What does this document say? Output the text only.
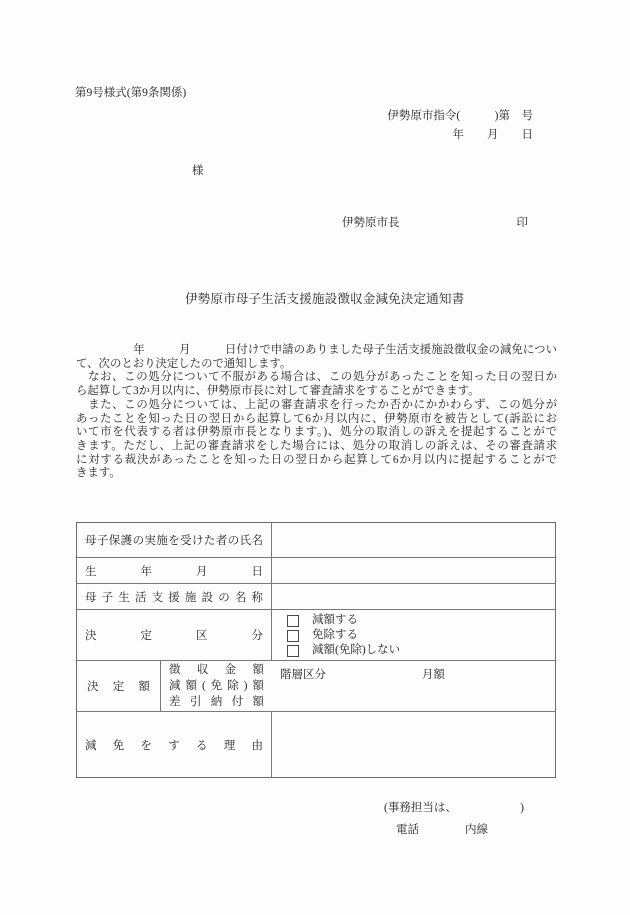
第9号様式(第9条関係)
伊勢原市指令(　　　)第　号
年　　月　　日
様
伊勢原市長	印
伊勢原市母子生活支援施設徴収金減免決定通知書
　　　　　年　　　月　　　日付けで申請のありました母子生活支援施設徴収金の減免につい
て、次のとおり決定したので通知します。
　なお、この処分について不服がある場合は、この処分があったことを知った日の翌日か
ら起算して3か月以内に、伊勢原市長に対して審査請求をすることができます。
　また、この処分については、上記の審査請求を行ったか否かにかかわらず、この処分が
あったことを知った日の翌日から起算して6か月以内に、伊勢原市を被告として(訴訟にお
いて市を代表する者は伊勢原市長となります。)、処分の取消しの訴えを提起することがで
きます。ただし、上記の審査請求をした場合には、処分の取消しの訴えは、その審査請求
に対する裁決があったことを知った日の翌日から起算して6か月以内に提起することがで
きます。
母子保護の実施を受けた者の氏名
生年月日
母子生活支援施設の名称
決定区分
減額する
免除する
減額(免除)しない
決定額
徴収金額
減額(免除)額
差引納付額
階層区分	月額
減免をする理由
(事務担当は、　　　　　　)
電話　　　　内線
